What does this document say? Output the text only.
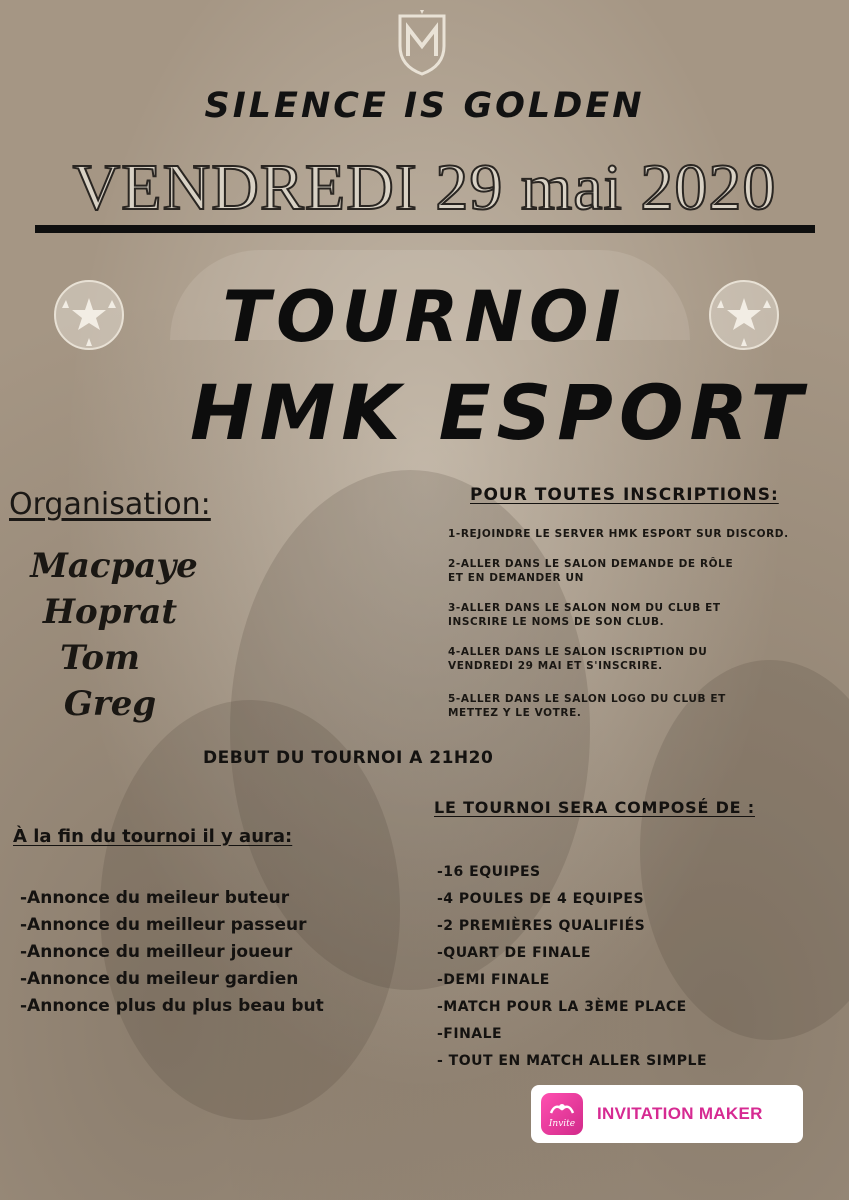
SILENCE IS GOLDEN
VENDREDI 29 mai 2020
TOURNOI
HMK ESPORT
Organisation:
Macpaye
Hoprat
Tom
Greg
POUR TOUTES INSCRIPTIONS:
1-REJOINDRE LE SERVER HMK ESPORT SUR DISCORD.
2-ALLER DANS LE SALON DEMANDE DE RÔLE
ET EN DEMANDER UN
3-ALLER DANS LE SALON NOM DU CLUB ET
INSCRIRE LE NOMS DE SON CLUB.
4-ALLER DANS LE SALON ISCRIPTION DU
VENDREDI 29 MAI ET S'INSCRIRE.
5-ALLER DANS LE SALON LOGO DU CLUB ET
METTEZ Y LE VOTRE.
DEBUT DU TOURNOI A 21H20
LE TOURNOI SERA COMPOSÉ DE :
À la fin du tournoi il y aura:
-Annonce du meileur buteur
-Annonce du meilleur passeur
-Annonce du meilleur joueur
-Annonce du meileur gardien
-Annonce plus du plus beau but
-16 EQUIPES
-4 POULES DE 4 EQUIPES
-2 PREMIÈRES QUALIFIÉS
-QUART DE FINALE
-DEMI FINALE
-MATCH POUR LA 3ÈME PLACE
-FINALE
- TOUT EN MATCH ALLER SIMPLE
Invite
INVITATION MAKER
